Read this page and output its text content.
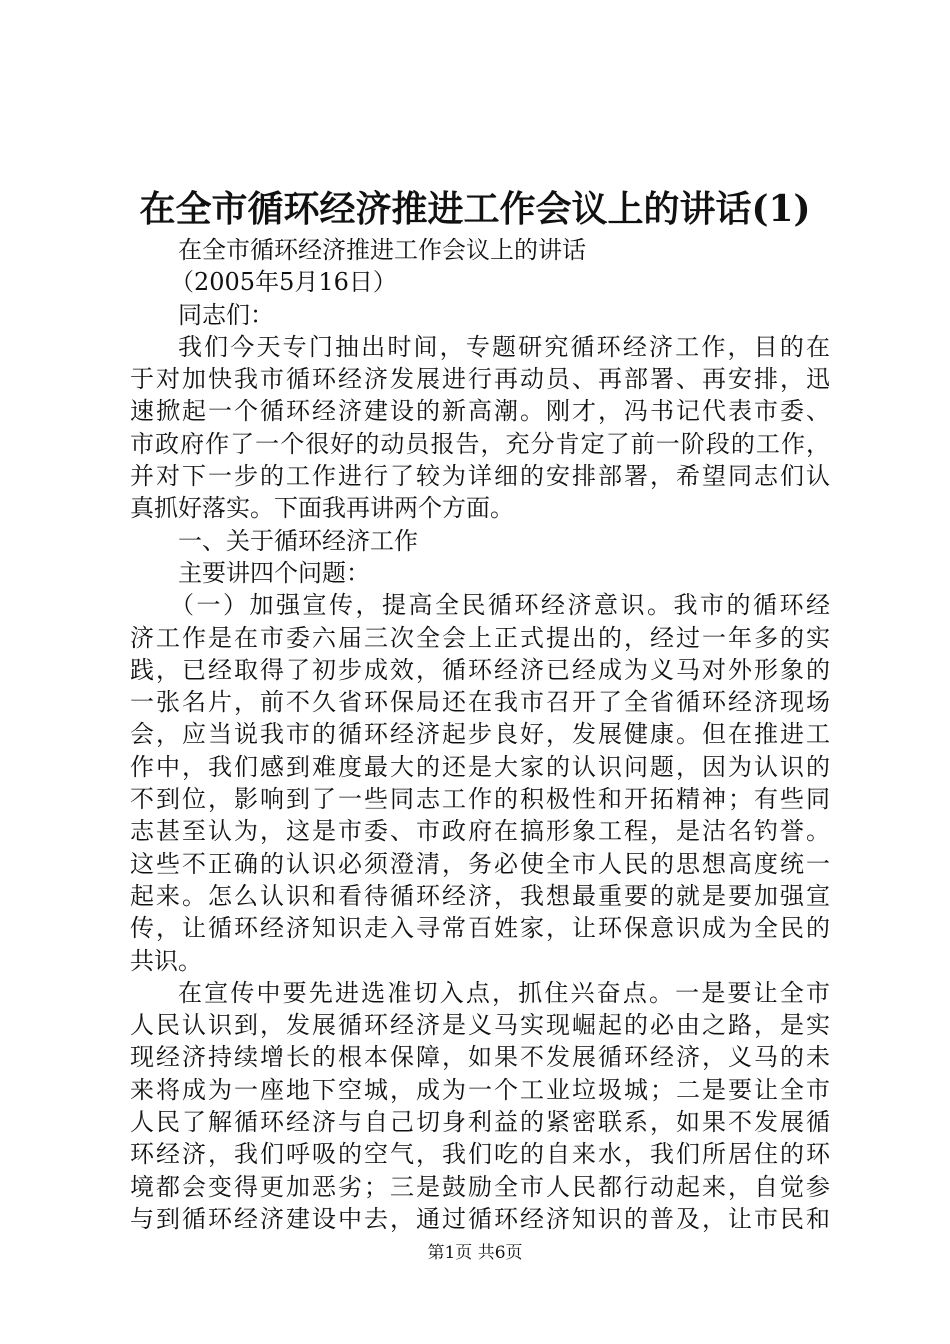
在全市循环经济推进工作会议上的讲话(1)
在全市循环经济推进工作会议上的讲话
（2005年5月16日）
同志们：
我们今天专门抽出时间，专题研究循环经济工作，目的在
于对加快我市循环经济发展进行再动员、再部署、再安排，迅
速掀起一个循环经济建设的新高潮。刚才，冯书记代表市委、
市政府作了一个很好的动员报告，充分肯定了前一阶段的工作，
并对下一步的工作进行了较为详细的安排部署，希望同志们认
真抓好落实。下面我再讲两个方面。
一、关于循环经济工作
主要讲四个问题：
（一）加强宣传，提高全民循环经济意识。我市的循环经
济工作是在市委六届三次全会上正式提出的，经过一年多的实
践，已经取得了初步成效，循环经济已经成为义马对外形象的
一张名片，前不久省环保局还在我市召开了全省循环经济现场
会，应当说我市的循环经济起步良好，发展健康。但在推进工
作中，我们感到难度最大的还是大家的认识问题，因为认识的
不到位，影响到了一些同志工作的积极性和开拓精神；有些同
志甚至认为，这是市委、市政府在搞形象工程，是沽名钓誉。
这些不正确的认识必须澄清，务必使全市人民的思想高度统一
起来。怎么认识和看待循环经济，我想最重要的就是要加强宣
传，让循环经济知识走入寻常百姓家，让环保意识成为全民的
共识。
在宣传中要先进选准切入点，抓住兴奋点。一是要让全市
人民认识到，发展循环经济是义马实现崛起的必由之路，是实
现经济持续增长的根本保障，如果不发展循环经济，义马的未
来将成为一座地下空城，成为一个工业垃圾城；二是要让全市
人民了解循环经济与自己切身利益的紧密联系，如果不发展循
环经济，我们呼吸的空气，我们吃的自来水，我们所居住的环
境都会变得更加恶劣；三是鼓励全市人民都行动起来，自觉参
与到循环经济建设中去，通过循环经济知识的普及，让市民和
第1页 共6页
